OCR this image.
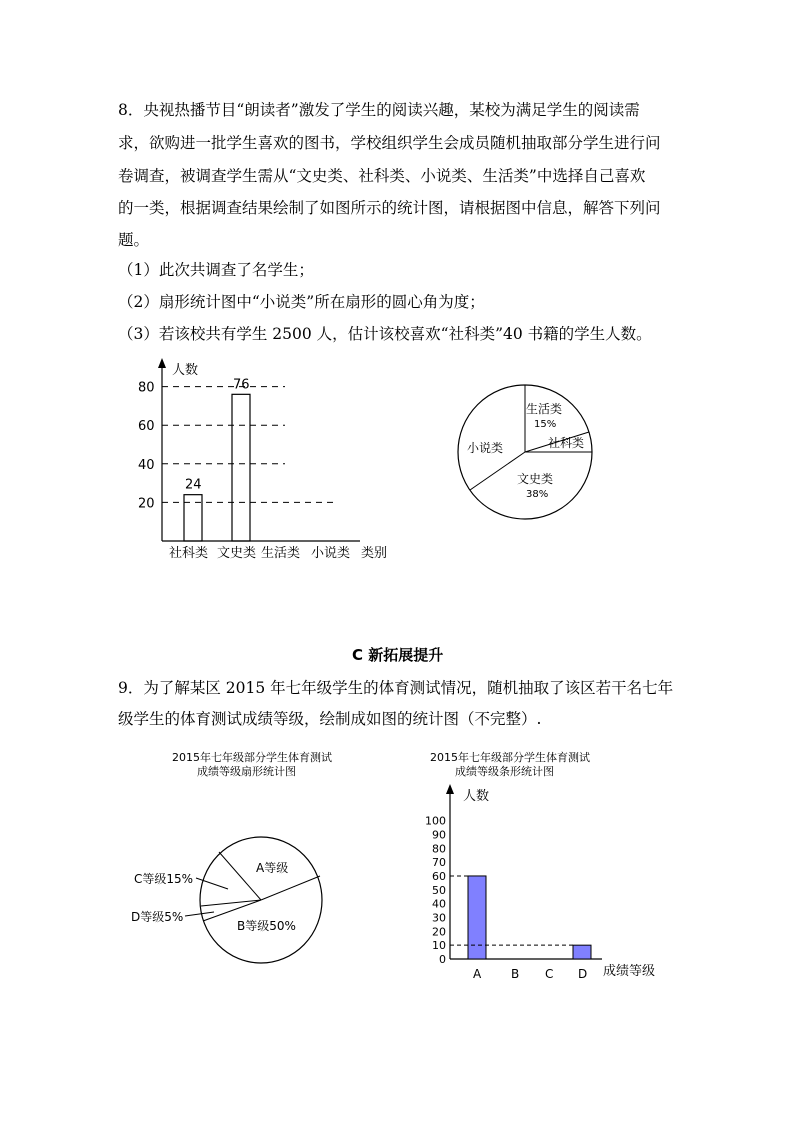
8．央视热播节目“朗读者”激发了学生的阅读兴趣，某校为满足学生的阅读需
求，欲购进一批学生喜欢的图书，学校组织学生会成员随机抽取部分学生进行问
卷调查，被调查学生需从“文史类、社科类、小说类、生活类”中选择自己喜欢
的一类，根据调查结果绘制了如图所示的统计图，请根据图中信息，解答下列问
题。
（1）此次共调查了名学生；
（2）扇形统计图中“小说类”所在扇形的圆心角为度；
（3）若该校共有学生 2500 人，估计该校喜欢“社科类”40 书籍的学生人数。
C 新拓展提升
9．为了解某区 2015 年七年级学生的体育测试情况，随机抽取了该区若干名七年
级学生的体育测试成绩等级，绘制成如图的统计图（不完整）.
人数
类别
20
40
60
80
社科类 文史类 生活类 小说类
24
76
生活类
15%
社科类
小说类
文史类
38%
2015年七年级部分学生体育测试
成绩等级扇形统计图
A等级
B等级50%
C等级15%
D等级5%
2015年七年级部分学生体育测试
成绩等级条形统计图
人数
成绩等级
0
10
20
30
40
50
60
70
80
90
100
A B C D
